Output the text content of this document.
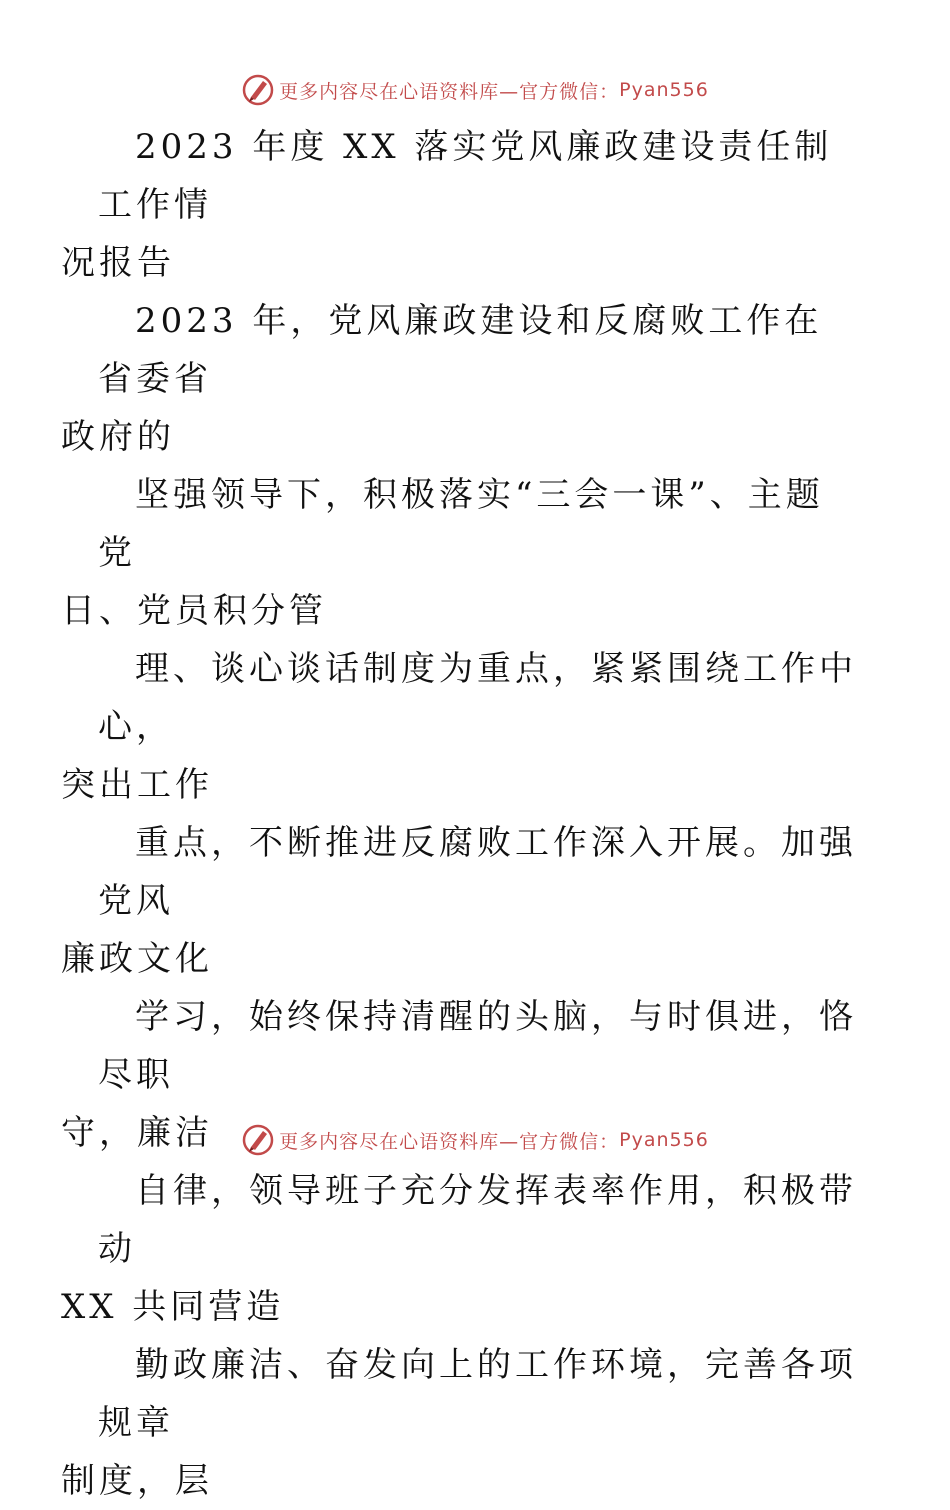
更多内容尽在心语资料库—官方微信： Pyan556

2023 年度 XX 落实党风廉政建设责任制工作情
况报告

2023 年，党风廉政建设和反腐败工作在省委省
政府的

坚强领导下，积极落实“三会一课”、主题党
日、党员积分管

理、谈心谈话制度为重点，紧紧围绕工作中心，
突出工作

重点，不断推进反腐败工作深入开展。加强党风
廉政文化

学习，始终保持清醒的头脑，与时俱进，恪尽职
守，廉洁

自律，领导班子充分发挥表率作用，积极带动
XX 共同营造

勤政廉洁、奋发向上的工作环境，完善各项规章
制度，层

更多内容尽在心语资料库—官方微信： Pyan556
